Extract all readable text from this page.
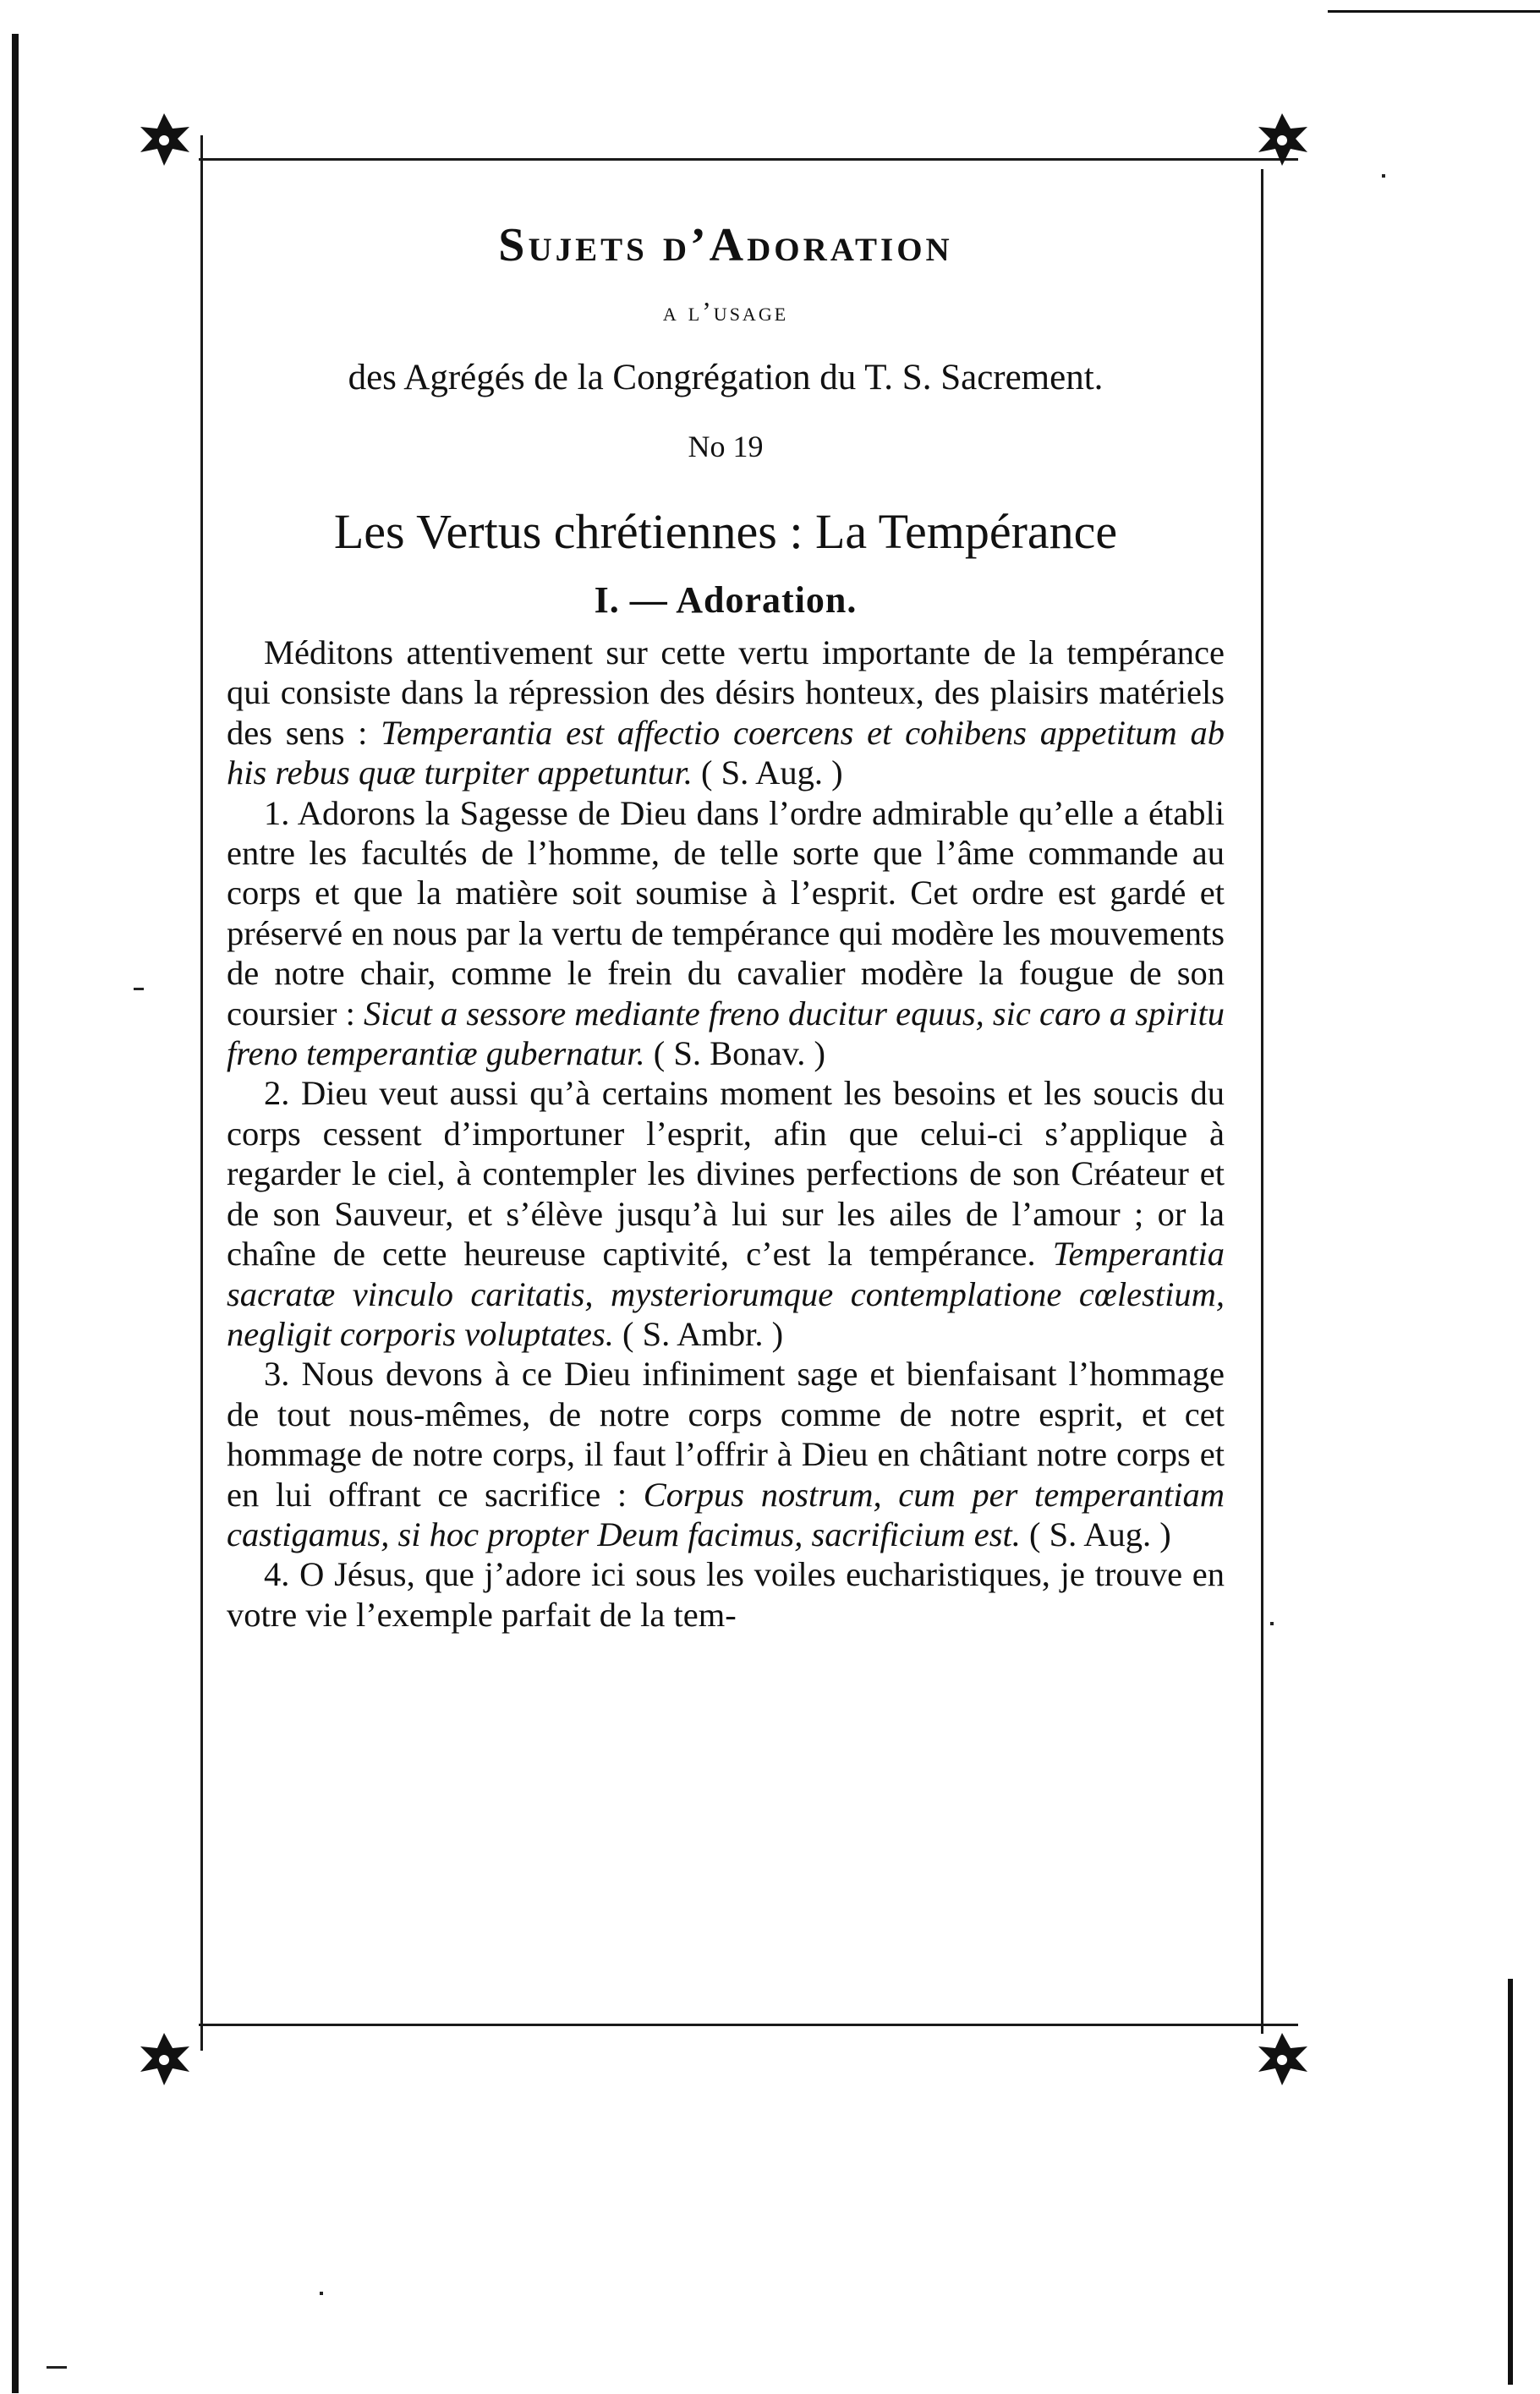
Sujets d’Adoration
a l’usage
des Agrégés de la Congrégation du T. S. Sacrement.
No 19
Les Vertus chrétiennes : La Tempérance
I. — Adoration.

Méditons attentivement sur cette vertu importante de la tempérance qui consiste dans la répression des désirs honteux, des plaisirs matériels des sens : Temperantia est affectio coercens et cohibens appetitum ab his rebus quæ turpiter appetuntur. ( S. Aug. )

1. Adorons la Sagesse de Dieu dans l’ordre admirable qu’elle a établi entre les facultés de l’homme, de telle sorte que l’âme commande au corps et que la matière soit soumise à l’esprit. Cet ordre est gardé et préservé en nous par la vertu de tempérance qui modère les mouvements de notre chair, comme le frein du cavalier modère la fougue de son coursier : Sicut a sessore mediante freno ducitur equus, sic caro a spiritu freno temperantiæ gubernatur. ( S. Bonav. )

2. Dieu veut aussi qu’à certains moment les besoins et les soucis du corps cessent d’importuner l’esprit, afin que celui-ci s’applique à regarder le ciel, à contempler les divines perfections de son Créateur et de son Sauveur, et s’élève jusqu’à lui sur les ailes de l’amour ; or la chaîne de cette heureuse captivité, c’est la tempérance. Temperantia sacratæ vinculo caritatis, mysteriorumque contemplatione cœlestium, negligit corporis voluptates. ( S. Ambr. )

3. Nous devons à ce Dieu infiniment sage et bienfaisant l’hommage de tout nous-mêmes, de notre corps comme de notre esprit, et cet hommage de notre corps, il faut l’offrir à Dieu en châtiant notre corps et en lui offrant ce sacrifice : Corpus nostrum, cum per temperantiam castigamus, si hoc propter Deum facimus, sacrificium est. ( S. Aug. )

4. O Jésus, que j’adore ici sous les voiles eucharistiques, je trouve en votre vie l’exemple parfait de la tem-
